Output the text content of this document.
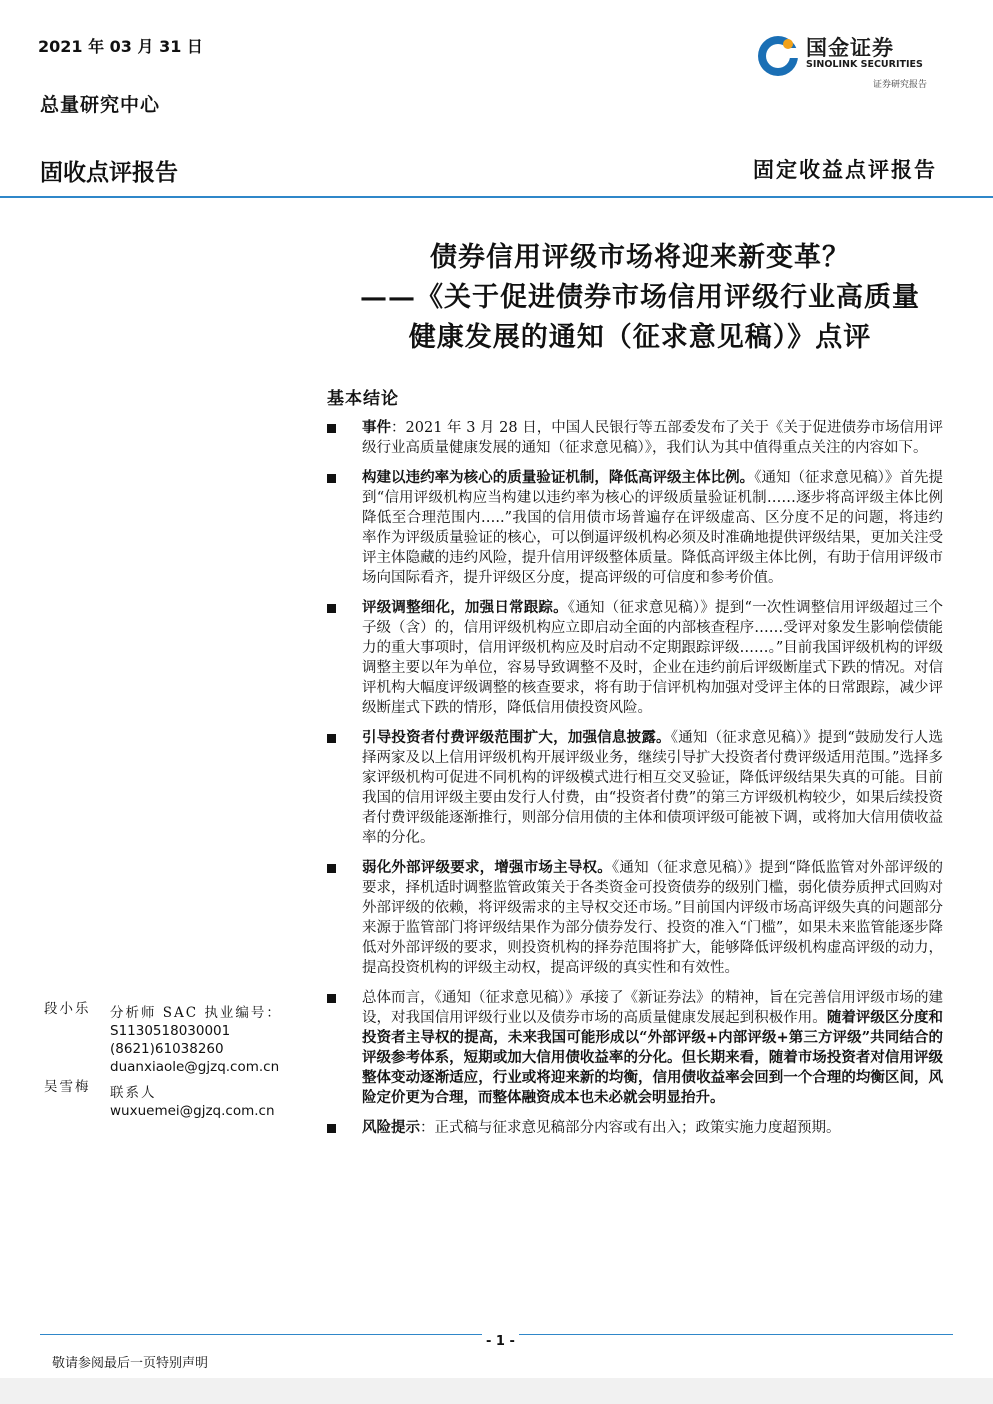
2021 年 03 月 31 日
总量研究中心
固收点评报告	固定收益点评报告
国金证券
SINOLINK SECURITIES
证券研究报告
债券信用评级市场将迎来新变革？
——《关于促进债券市场信用评级行业高质量
健康发展的通知（征求意见稿）》点评
基本结论
事件：2021 年 3 月 28 日，中国人民银行等五部委发布了关于《关于促进债券市场信用评级行业高质量健康发展的通知（征求意见稿）》，我们认为其中值得重点关注的内容如下。
构建以违约率为核心的质量验证机制，降低高评级主体比例。《通知（征求意见稿）》首先提到“信用评级机构应当构建以违约率为核心的评级质量验证机制……逐步将高评级主体比例降低至合理范围内…..”我国的信用债市场普遍存在评级虚高、区分度不足的问题，将违约率作为评级质量验证的核心，可以倒逼评级机构必须及时准确地提供评级结果，更加关注受评主体隐藏的违约风险，提升信用评级整体质量。降低高评级主体比例，有助于信用评级市场向国际看齐，提升评级区分度，提高评级的可信度和参考价值。
评级调整细化，加强日常跟踪。《通知（征求意见稿）》提到“一次性调整信用评级超过三个子级（含）的，信用评级机构应立即启动全面的内部核查程序……受评对象发生影响偿债能力的重大事项时，信用评级机构应及时启动不定期跟踪评级……。”目前我国评级机构的评级调整主要以年为单位，容易导致调整不及时，企业在违约前后评级断崖式下跌的情况。对信评机构大幅度评级调整的核查要求，将有助于信评机构加强对受评主体的日常跟踪，减少评级断崖式下跌的情形，降低信用债投资风险。
引导投资者付费评级范围扩大，加强信息披露。《通知（征求意见稿）》提到“鼓励发行人选择两家及以上信用评级机构开展评级业务，继续引导扩大投资者付费评级适用范围。”选择多家评级机构可促进不同机构的评级模式进行相互交叉验证，降低评级结果失真的可能。目前我国的信用评级主要由发行人付费，由“投资者付费”的第三方评级机构较少，如果后续投资者付费评级能逐渐推行，则部分信用债的主体和债项评级可能被下调，或将加大信用债收益率的分化。
弱化外部评级要求，增强市场主导权。《通知（征求意见稿）》提到“降低监管对外部评级的要求，择机适时调整监管政策关于各类资金可投资债券的级别门槛，弱化债券质押式回购对外部评级的依赖，将评级需求的主导权交还市场。”目前国内评级市场高评级失真的问题部分来源于监管部门将评级结果作为部分债券发行、投资的准入“门槛”，如果未来监管能逐步降低对外部评级的要求，则投资机构的择券范围将扩大，能够降低评级机构虚高评级的动力，提高投资机构的评级主动权，提高评级的真实性和有效性。
总体而言，《通知（征求意见稿）》承接了《新证券法》的精神，旨在完善信用评级市场的建设，对我国信用评级行业以及债券市场的高质量健康发展起到积极作用。随着评级区分度和投资者主导权的提高，未来我国可能形成以“外部评级+内部评级+第三方评级”共同结合的评级参考体系，短期或加大信用债收益率的分化。但长期来看，随着市场投资者对信用评级整体变动逐渐适应，行业或将迎来新的均衡，信用债收益率会回到一个合理的均衡区间，风险定价更为合理，而整体融资成本也未必就会明显抬升。
风险提示：正式稿与征求意见稿部分内容或有出入；政策实施力度超预期。
段小乐 分析师 SAC 执业编号：
S1130518030001
(8621)61038260
duanxiaole@gjzq.com.cn
吴雪梅 联系人
wuxuemei@gjzq.com.cn
- 1 -
敬请参阅最后一页特别声明
